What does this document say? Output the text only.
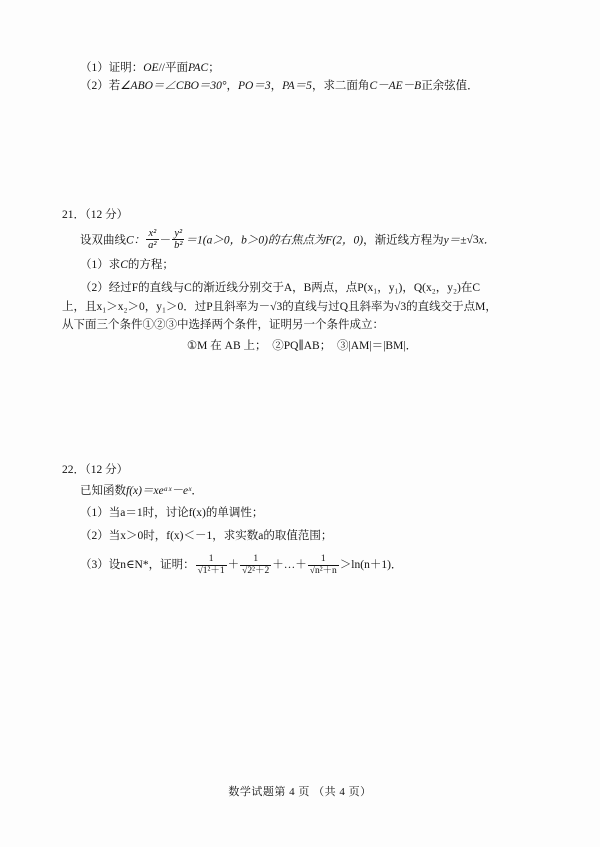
（1）证明：OE//平面PAC；

（2）若∠ABO＝∠CBO＝30°，PO＝3，PA＝5，求二面角C－AE－B正余弦值．

21．（12 分）

设双曲线C： $\frac{\text{x²}}{\text{a²}} - \frac{\text{y²}}{\text{b²}} =1(a>0$，b＞0)的右焦点为F(2，0)，渐近线方程为y＝± √ 3 x．

（1）求C的方程；

（2）经过F的直线与C的渐近线分别交于A，B两点，点P(x₁，y₁)，Q(x₂，y₂)在C

上，且x₁＞x₂＞0，y₁＞0．过P且斜率为－ √ 3 的直线与过Q且斜率为 √ 3 的直线交于点M，

从下面三个条件①②③中选择两个条件，证明另一个条件成立：

①M 在 AB 上；　②PQ∥AB；　③|AM|＝|BM|．

22．（12 分）

已知函数f(x)＝xeᵃˣ－eˣ．

（1）当a＝1时，讨论f(x)的单调性；

（2）当x＞0时，f(x)＜－1，求实数a的取值范围；

（3）设n∈N*，证明： $\frac{1}{\text{√ 1²＋1}} + \frac{1}{\text{√ 2²＋2}}$ ＋…＋ $\frac{1}{\text{√ n²＋n}} >\ln(n+1)$．

数学试题第 4 页 （共 4 页）
